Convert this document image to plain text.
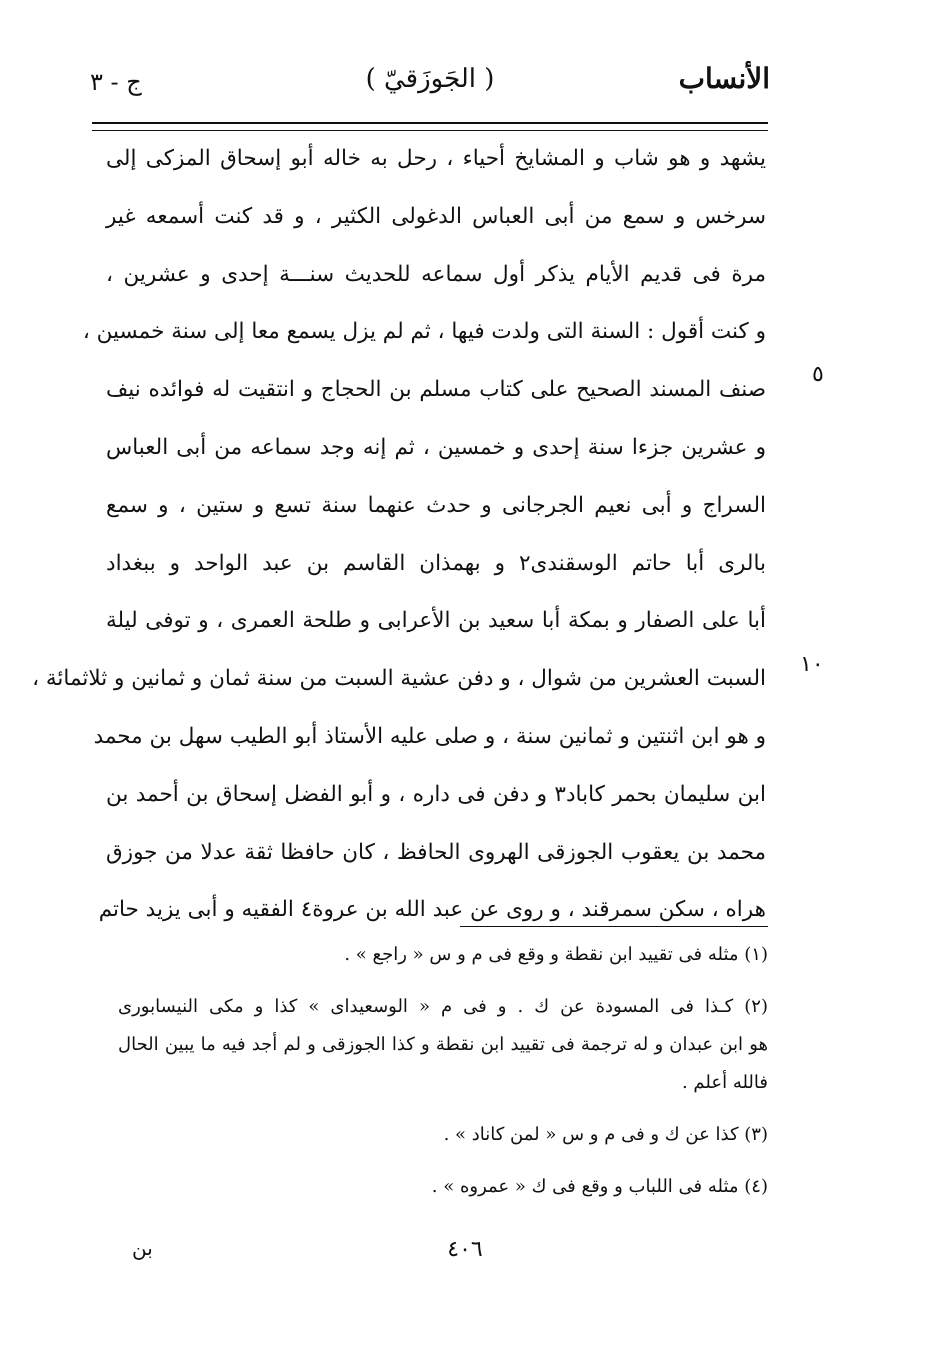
الأنساب
( الجَوزَقيّ )
ج - ٣
يشهد و هو شاب و المشايخ أحياء ، رحل به خاله أبو إسحاق المزكى إلى
سرخس و سمع من أبى العباس الدغولى الكثير ، و قد كنت أسمعه غير
مرة فى قديم الأيام يذكر أول سماعه للحديث سنـــة إحدى و عشرين ،
و كنت أقول : السنة التى ولدت فيها ، ثم لم يزل يسمع معا إلى سنة خمسين ،
صنف المسند الصحيح على كتاب مسلم بن الحجاج و انتقيت له فوائده نيف
و عشرين جزءا سنة إحدى و خمسين ، ثم إنه وجد سماعه من أبى العباس
السراج و أبى نعيم الجرجانى و حدث عنهما سنة تسع و ستين ، و سمع
بالرى أبا حاتم الوسقندى٢ و بهمذان القاسم بن عبد الواحد و ببغداد
أبا على الصفار و بمكة أبا سعيد بن الأعرابى و طلحة العمرى ، و توفى ليلة
السبت العشرين من شوال ، و دفن عشية السبت من سنة ثمان و ثمانين و ثلاثمائة ،
و هو ابن اثنتين و ثمانين سنة ، و صلى عليه الأستاذ أبو الطيب سهل بن محمد
ابن سليمان بحمر كاباد٣ و دفن فى داره ، و أبو الفضل إسحاق بن أحمد بن
محمد بن يعقوب الجوزقى الهروى الحافظ ، كان حافظا ثقة عدلا من جوزق
هراه ، سكن سمرقند ، و روى عن عبد الله بن عروة٤ الفقيه و أبى يزيد حاتم
٥
١٠
(١) مثله فى تقييد ابن نقطة و وقع فى م و س « راجع » .
(٢) كـذا فى المسودة عن ك . و فى م « الوسعيداى » كذا و مكى النيسابورى
هو ابن عبدان و له ترجمة فى تقييد ابن نقطة و كذا الجوزقى و لم أجد فيه ما يبين الحال
فالله أعلم .
(٣) كذا عن ك و فى م و س « لمن كاناد » .
(٤) مثله فى اللباب و وقع فى ك « عمروه » .
٤٠٦
بن
